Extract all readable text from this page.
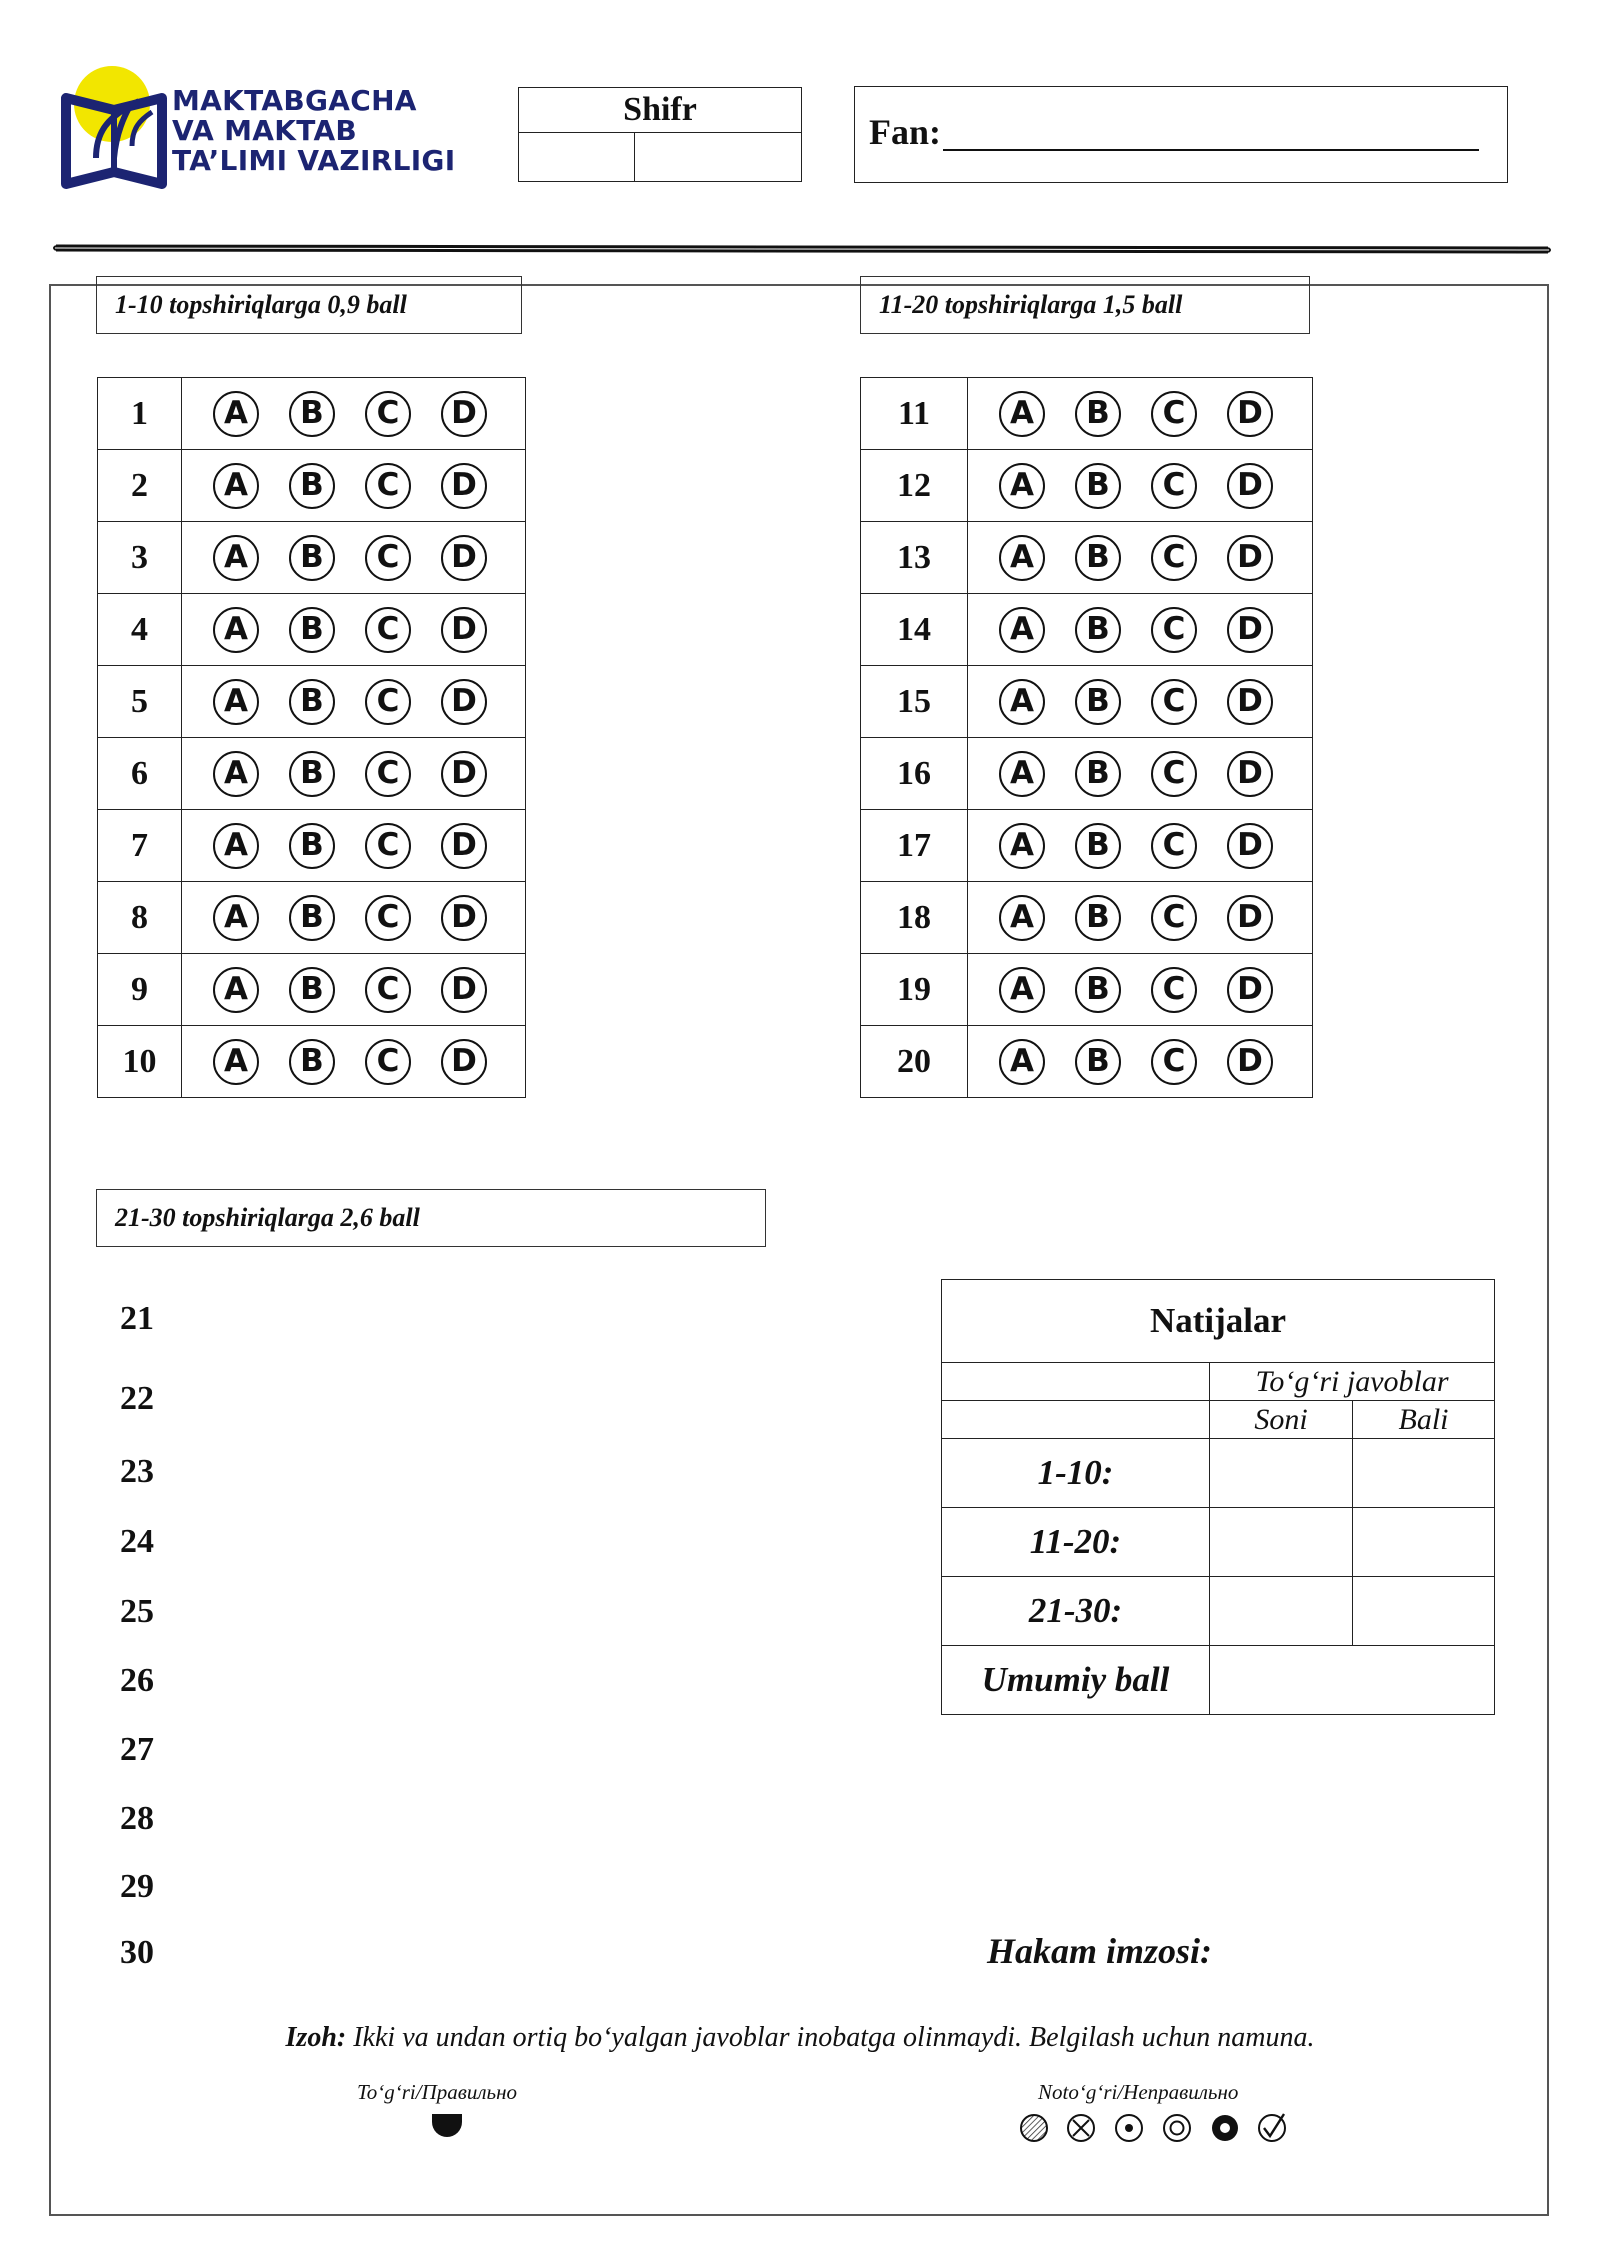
MAKTABGACHA
VA MAKTAB
TA’LIMI VAZIRLIGI
Shifr
Fan:
1-10 topshiriqlarga 0,9 ball	11-20 topshiriqlarga 1,5 ball
21-30 topshiriqlarga 2,6 ball
1	A B C D

2	A B C D

3	A B C D

4	A B C D

5	A B C D

6	A B C D

7	A B C D

8	A B C D

9	A B C D

10	A B C D
11	A B C D

12	A B C D

13	A B C D

14	A B C D

15	A B C D

16	A B C D

17	A B C D

18	A B C D

19	A B C D

20	A B C D
21
22
23
24
25
26
27
28
29
30
Natijalar		
	To‘g‘ri javoblar	
	Soni	Bali
1-10:		
11-20:		
21-30:		
Umumiy ball		
Hakam imzosi:
Izoh: Ikki va undan ortiq bo‘yalgan javoblar inobatga olinmaydi. Belgilash uchun namuna.
To‘g‘ri/Правильно	Noto‘g‘ri/Неправильно
